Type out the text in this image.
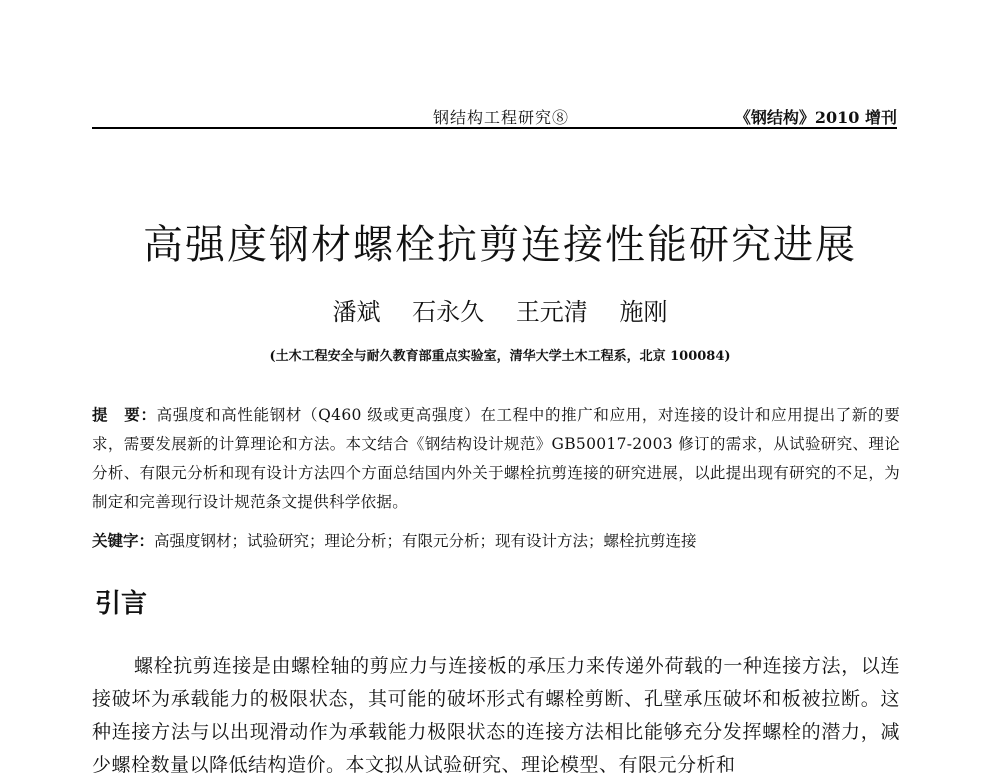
钢结构工程研究⑧	《钢结构》2010 增刊
高强度钢材螺栓抗剪连接性能研究进展
潘斌 石永久 王元清 施刚
(土木工程安全与耐久教育部重点实验室，清华大学土木工程系，北京 100084)
提　要：高强度和高性能钢材（Q460 级或更高强度）在工程中的推广和应用，对连接的设计和应用提出了新的要求，需要发展新的计算理论和方法。本文结合《钢结构设计规范》GB50017-2003 修订的需求，从试验研究、理论分析、有限元分析和现有设计方法四个方面总结国内外关于螺栓抗剪连接的研究进展，以此提出现有研究的不足，为制定和完善现行设计规范条文提供科学依据。
关键字：高强度钢材；试验研究；理论分析；有限元分析；现有设计方法；螺栓抗剪连接
引言

螺栓抗剪连接是由螺栓轴的剪应力与连接板的承压力来传递外荷载的一种连接方法，以连接破坏为承载能力的极限状态，其可能的破坏形式有螺栓剪断、孔壁承压破坏和板被拉断。这种连接方法与以出现滑动作为承载能力极限状态的连接方法相比能够充分发挥螺栓的潜力，减少螺栓数量以降低结构造价。本文拟从试验研究、理论模型、有限元分析和
